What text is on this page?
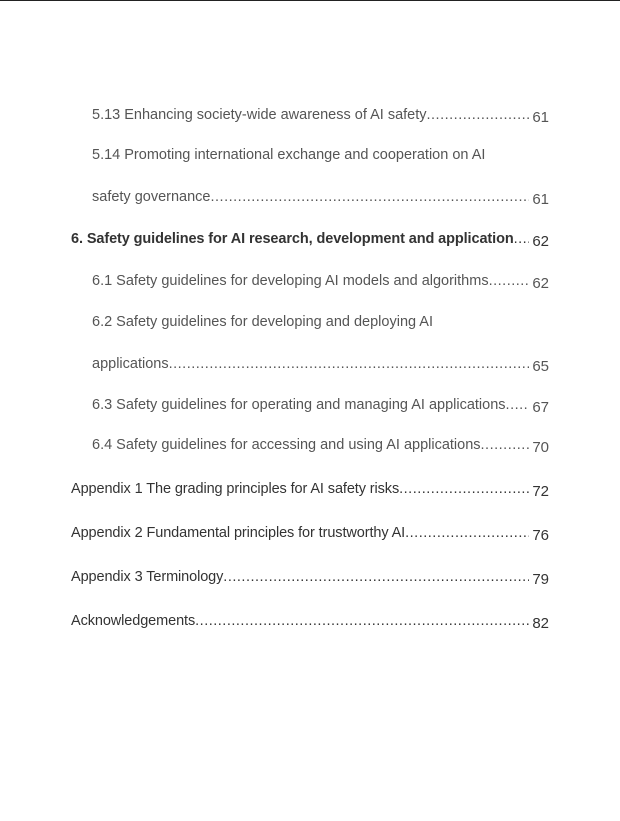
5.13 Enhancing society-wide awareness of AI safety .....	61
5.14 Promoting international exchange and cooperation on AI
safety governance .....	61
6. Safety guidelines for AI research, development and application ..... 62
6.1 Safety guidelines for developing AI models and algorithms .....	62
6.2 Safety guidelines for developing and deploying AI
applications .....	65
6.3 Safety guidelines for operating and managing AI applications ..... 67
6.4 Safety guidelines for accessing and using AI applications .....	70
Appendix 1 The grading principles for AI safety risks .....	72
Appendix 2 Fundamental principles for trustworthy AI .....	76
Appendix 3 Terminology .....	79
Acknowledgements .....	82
